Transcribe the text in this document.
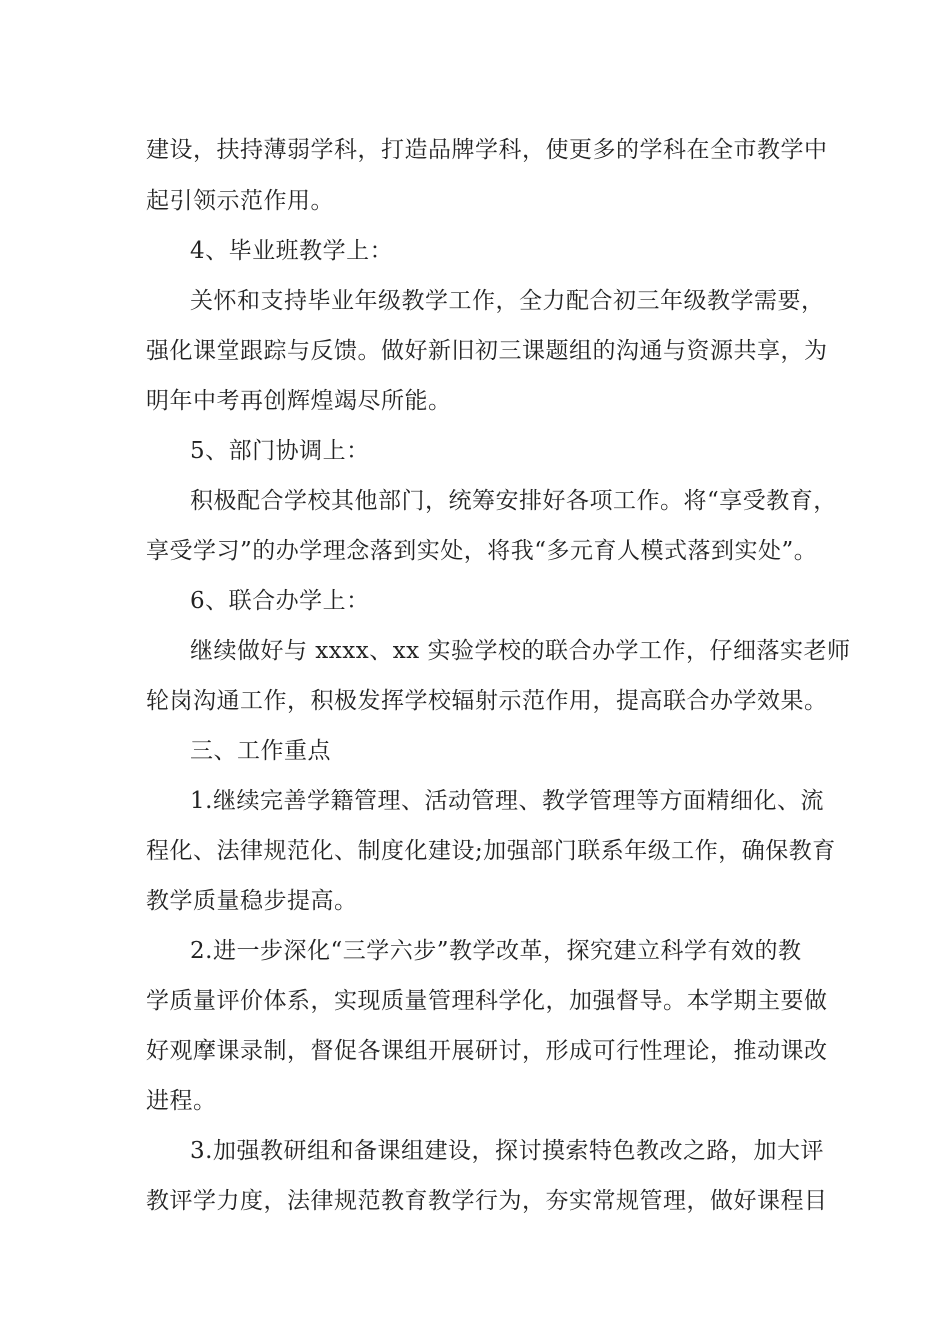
建设，扶持薄弱学科，打造品牌学科，使更多的学科在全市教学中
起引领示范作用。
4、毕业班教学上：
关怀和支持毕业年级教学工作，全力配合初三年级教学需要，
强化课堂跟踪与反馈。做好新旧初三课题组的沟通与资源共享，为
明年中考再创辉煌竭尽所能。
5、部门协调上：
积极配合学校其他部门，统筹安排好各项工作。将“享受教育，
享受学习”的办学理念落到实处，将我“多元育人模式落到实处”。
6、联合办学上：
继续做好与 xxxx、xx 实验学校的联合办学工作，仔细落实老师
轮岗沟通工作，积极发挥学校辐射示范作用，提高联合办学效果。
三、工作重点
1.继续完善学籍管理、活动管理、教学管理等方面精细化、流
程化、法律规范化、制度化建设;加强部门联系年级工作，确保教育
教学质量稳步提高。
2.进一步深化“三学六步”教学改革，探究建立科学有效的教
学质量评价体系，实现质量管理科学化，加强督导。本学期主要做
好观摩课录制，督促各课组开展研讨，形成可行性理论，推动课改
进程。
3.加强教研组和备课组建设，探讨摸索特色教改之路，加大评
教评学力度，法律规范教育教学行为，夯实常规管理，做好课程目
